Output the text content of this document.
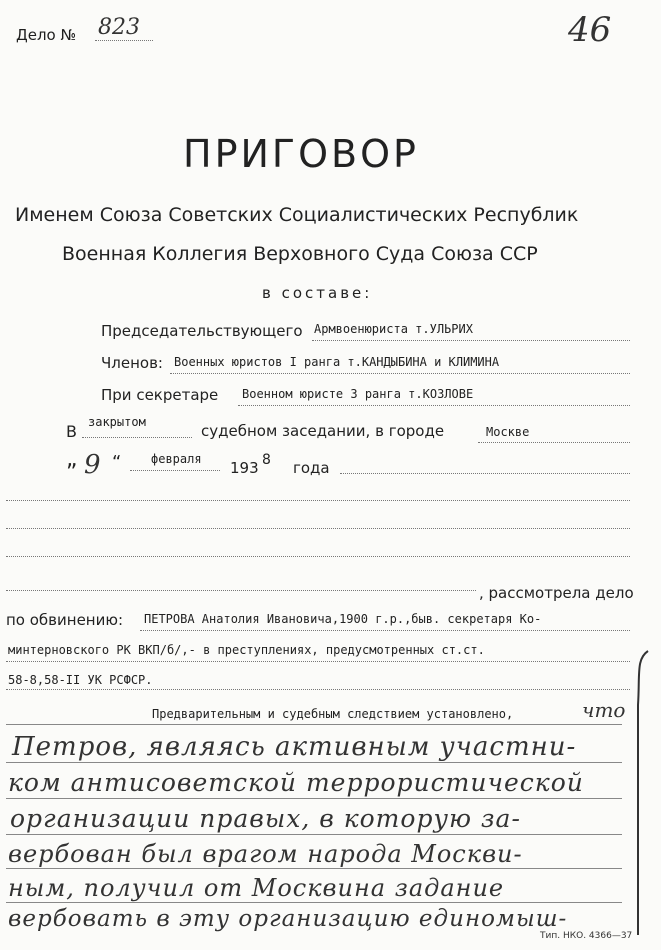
Дело № 823	46
ПРИГОВОР
Именем Союза Советских Социалистических Республик
Военная Коллегия Верховного Суда Союза ССР
в составе:
Председательствующего Армвоенюриста т.УЛЬРИХ
Членов: Военных юристов I ранга т.КАНДЫБИНА и КЛИМИНА
При секретаре Военном юристе 3 ранга т.КОЗЛОВЕ
В закрытом	судебном заседании, в городе	Москве
„ 9 “ февраля 193 8 года
, рассмотрела дело
по обвинению: ПЕТРОВА Анатолия Ивановича,1900 г.р.,быв. секретаря Ко-
минтерновского РК ВКП/б/,- в преступлениях, предусмотренных ст.ст.
58-8,58-II УК РСФСР.
Предварительным и судебным следствием установлено,	что
Петров, являясь активным участни-
ком антисоветской террористической
организации правых, в которую за-
вербован был врагом народа Москви-
ным, получил от Москвина задание
вербовать в эту организацию единомыш-
Тип. НКО. 4366—37
